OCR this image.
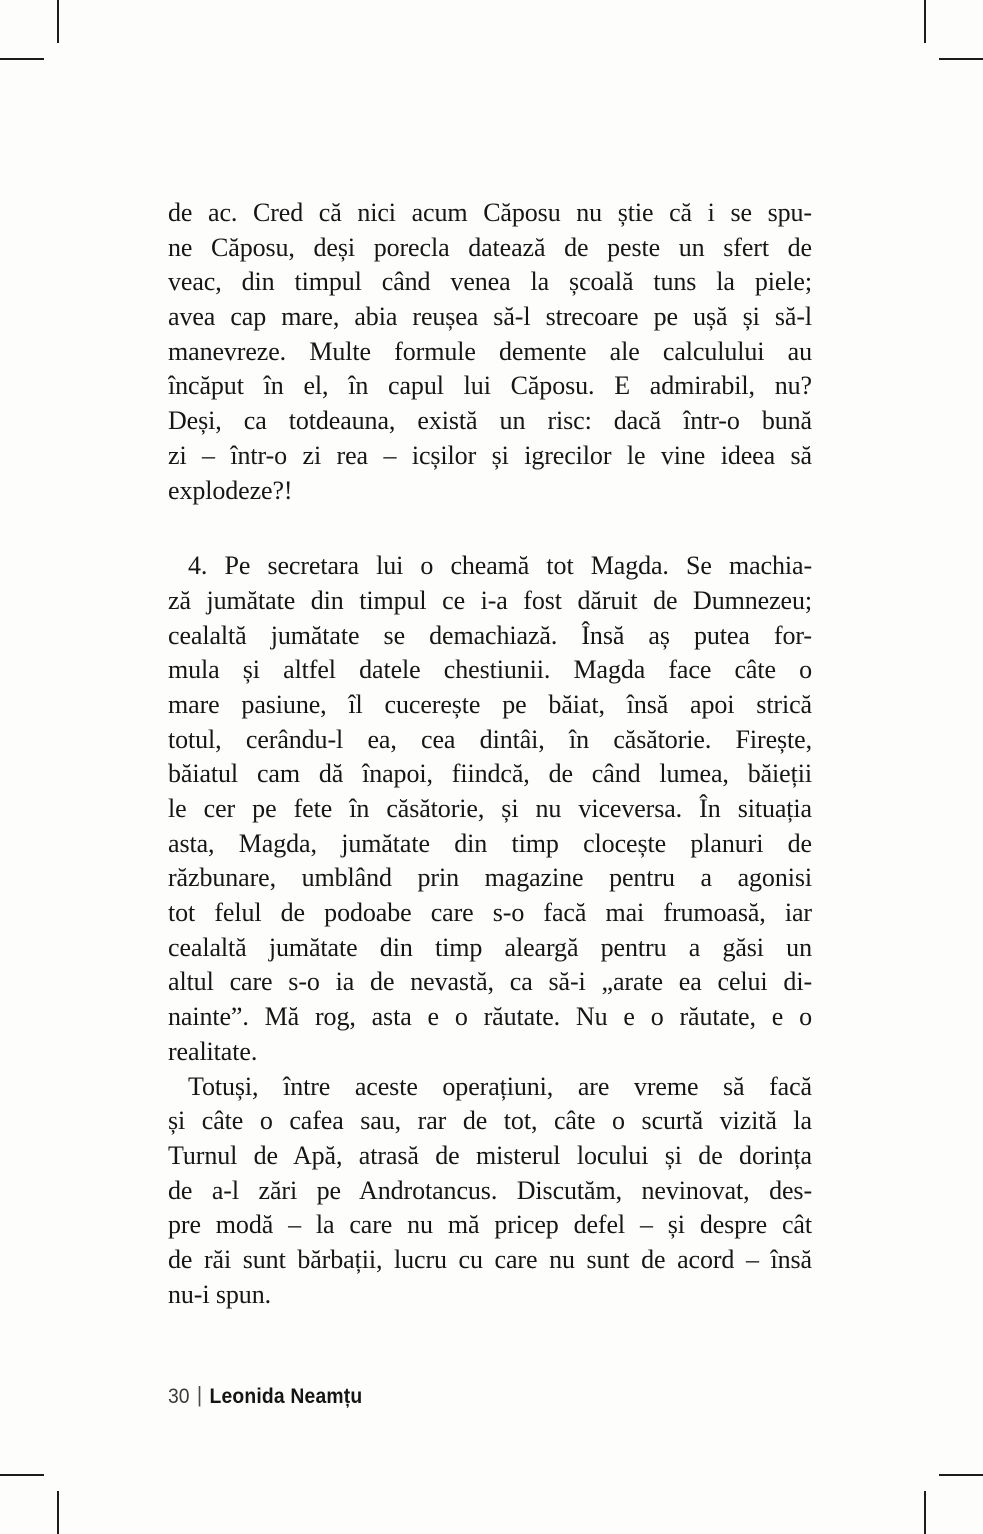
de ac. Cred că nici acum Căposu nu știe că i se spu-
ne Căposu, deși porecla datează de peste un sfert de
veac, din timpul când venea la școală tuns la piele;
avea cap mare, abia reușea să-l strecoare pe ușă și să-l
manevreze. Multe formule demente ale calculului au
încăput în el, în capul lui Căposu. E admirabil, nu?
Deși, ca totdeauna, există un risc: dacă într-o bună
zi – într-o zi rea – icșilor și igrecilor le vine ideea să
explodeze?!
4. Pe secretara lui o cheamă tot Magda. Se machia-
ză jumătate din timpul ce i-a fost dăruit de Dumnezeu;
cealaltă jumătate se demachiază. Însă aș putea for-
mula și altfel datele chestiunii. Magda face câte o
mare pasiune, îl cucerește pe băiat, însă apoi strică
totul, cerându-l ea, cea dintâi, în căsătorie. Firește,
băiatul cam dă înapoi, fiindcă, de când lumea, băieții
le cer pe fete în căsătorie, și nu viceversa. În situația
asta, Magda, jumătate din timp clocește planuri de
răzbunare, umblând prin magazine pentru a agonisi
tot felul de podoabe care s-o facă mai frumoasă, iar
cealaltă jumătate din timp aleargă pentru a găsi un
altul care s-o ia de nevastă, ca să-i „arate ea celui di-
nainte”. Mă rog, asta e o răutate. Nu e o răutate, e o
realitate.
Totuși, între aceste operațiuni, are vreme să facă
și câte o cafea sau, rar de tot, câte o scurtă vizită la
Turnul de Apă, atrasă de misterul locului și de dorința
de a-l zări pe Androtancus. Discutăm, nevinovat, des-
pre modă – la care nu mă pricep defel – și despre cât
de răi sunt bărbații, lucru cu care nu sunt de acord – însă
nu-i spun.
30 | Leonida Neamțu
